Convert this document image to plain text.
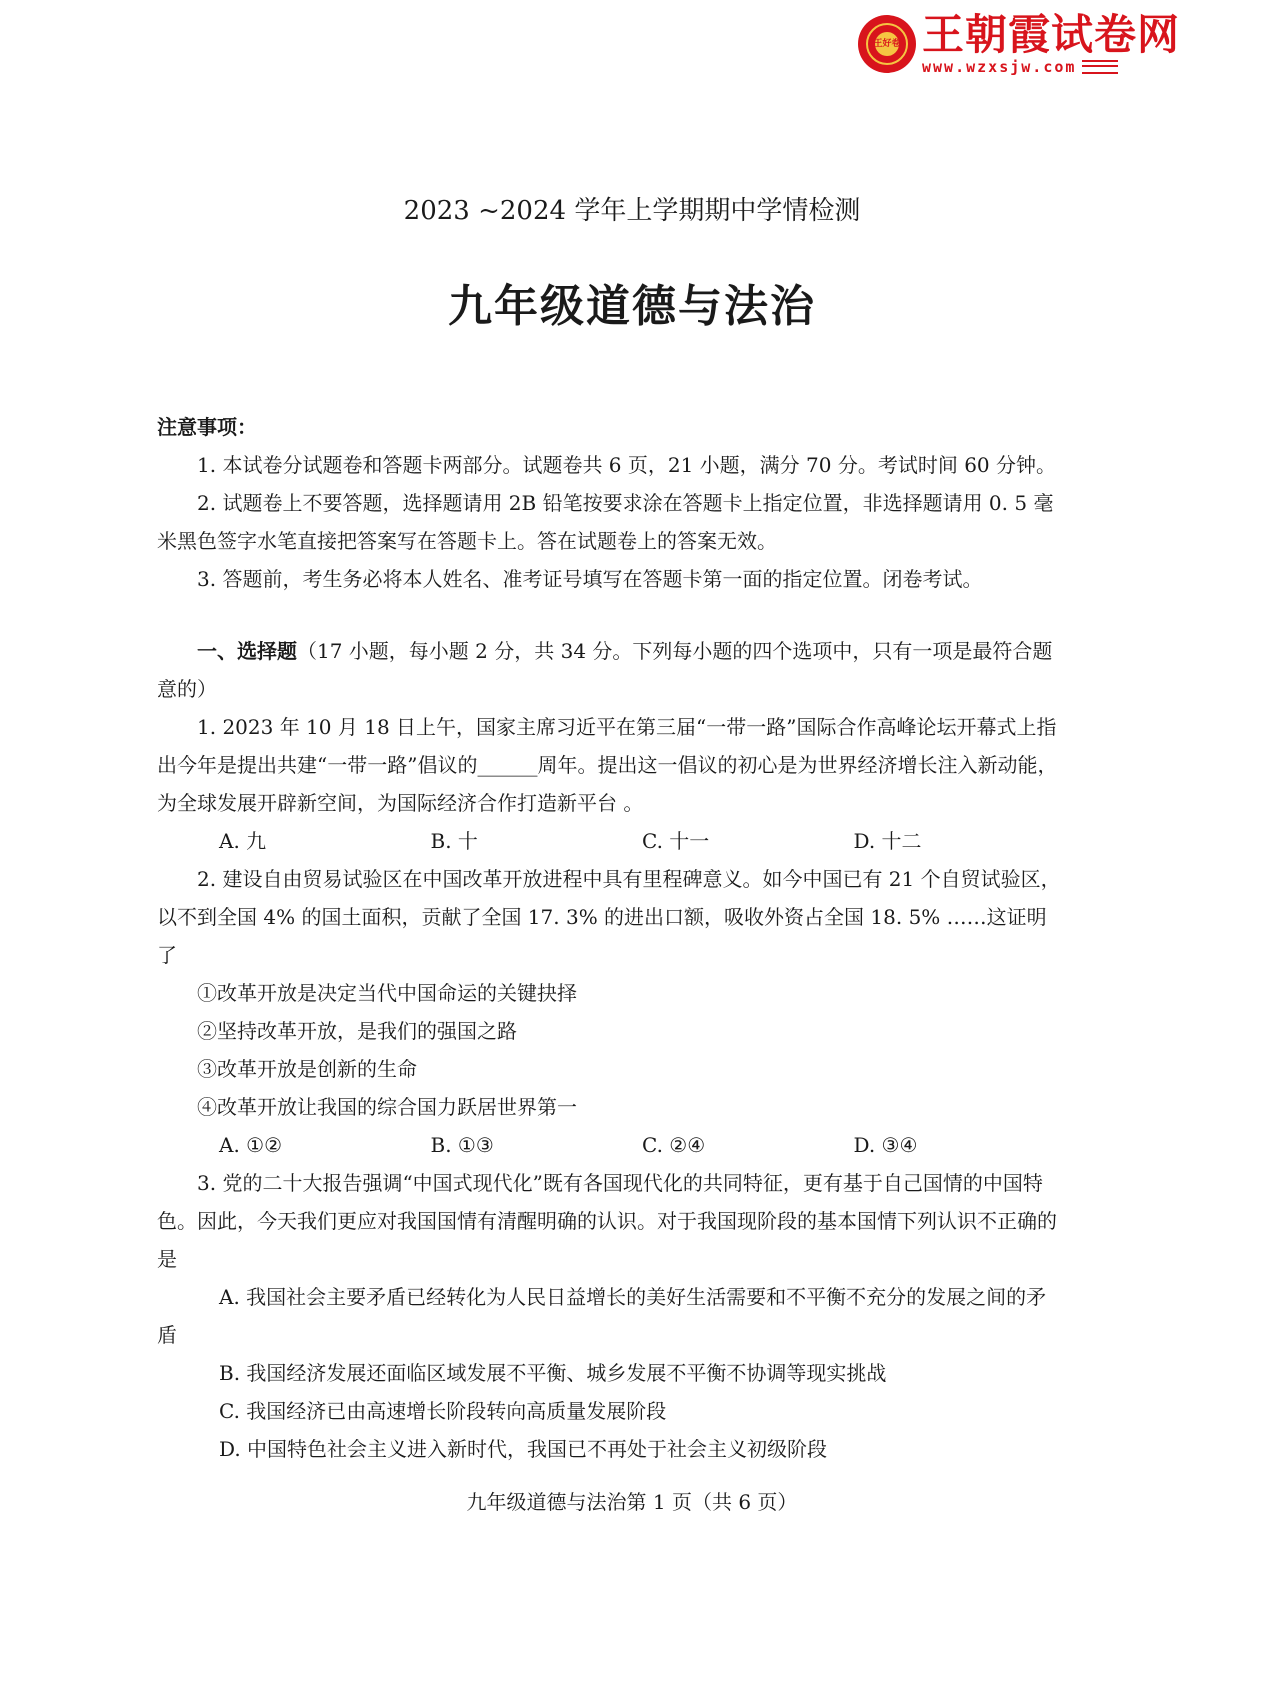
王好卷 王朝霞试卷网
www.wzxsjw.com
2023 ~2024 学年上学期期中学情检测
九年级道德与法治

注意事项：

1. 本试卷分试题卷和答题卡两部分。试题卷共 6 页，21 小题，满分 70 分。考试时间 60 分钟。

2. 试题卷上不要答题，选择题请用 2B 铅笔按要求涂在答题卡上指定位置，非选择题请用 0. 5 毫米黑色签字水笔直接把答案写在答题卡上。答在试题卷上的答案无效。

3. 答题前，考生务必将本人姓名、准考证号填写在答题卡第一面的指定位置。闭卷考试。

一、选择题（17 小题，每小题 2 分，共 34 分。下列每小题的四个选项中，只有一项是最符合题意的）

1. 2023 年 10 月 18 日上午，国家主席习近平在第三届“一带一路”国际合作高峰论坛开幕式上指出今年是提出共建“一带一路”倡议的______周年。提出这一倡议的初心是为世界经济增长注入新动能，为全球发展开辟新空间，为国际经济合作打造新平台 。

A. 九	B. 十	C. 十一	D. 十二

2. 建设自由贸易试验区在中国改革开放进程中具有里程碑意义。如今中国已有 21 个自贸试验区，以不到全国 4% 的国土面积，贡献了全国 17. 3% 的进出口额，吸收外资占全国 18. 5% ……这证明了

①改革开放是决定当代中国命运的关键抉择

②坚持改革开放，是我们的强国之路

③改革开放是创新的生命

④改革开放让我国的综合国力跃居世界第一

A. ①②	B. ①③	C. ②④	D. ③④

3. 党的二十大报告强调“中国式现代化”既有各国现代化的共同特征，更有基于自己国情的中国特色。因此，今天我们更应对我国国情有清醒明确的认识。对于我国现阶段的基本国情下列认识不正确的是

A. 我国社会主要矛盾已经转化为人民日益增长的美好生活需要和不平衡不充分的发展之间的矛盾

B. 我国经济发展还面临区域发展不平衡、城乡发展不平衡不协调等现实挑战

C. 我国经济已由高速增长阶段转向高质量发展阶段

D. 中国特色社会主义进入新时代，我国已不再处于社会主义初级阶段

九年级道德与法治第 1 页（共 6 页）
